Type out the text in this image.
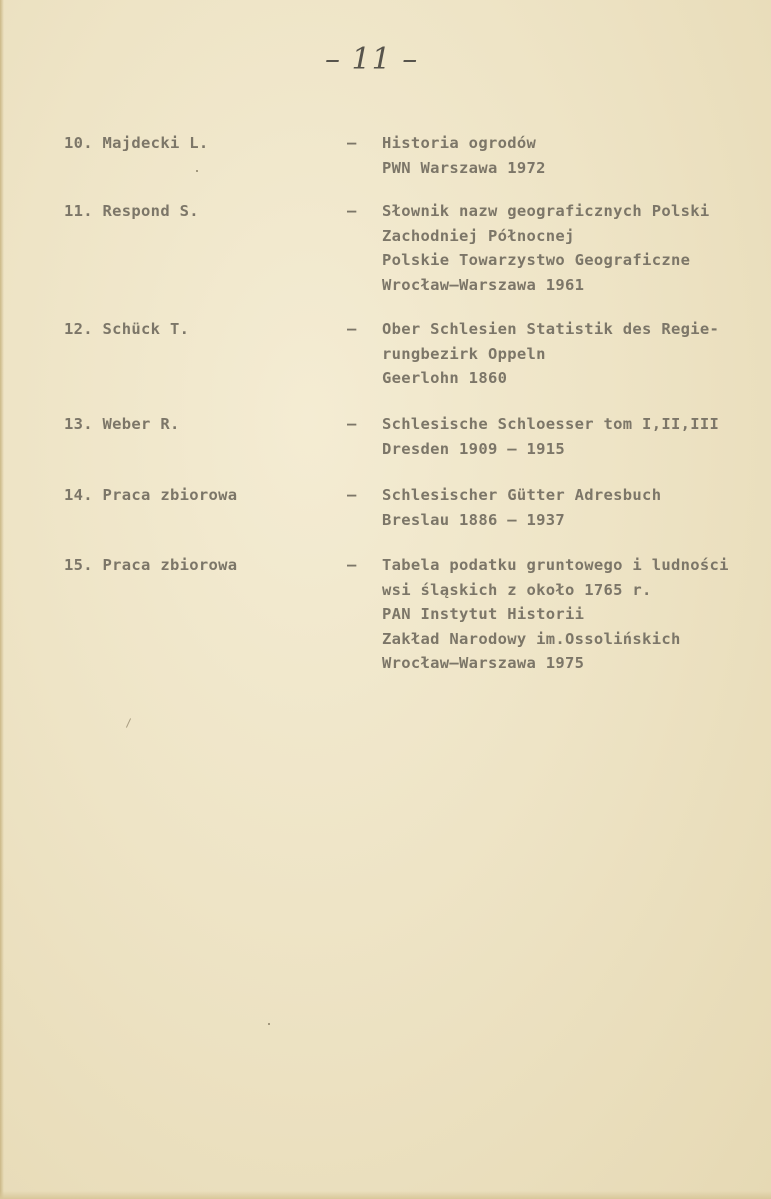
– 11 –
10. Majdecki L.	– Historia ogrodów
PWN Warszawa 1972
11. Respond S.	– Słownik nazw geograficznych Polski
Zachodniej Północnej
Polskie Towarzystwo Geograficzne
Wrocław–Warszawa 1961
12. Schück T.	– Ober Schlesien Statistik des Regie-
rungbezirk Oppeln
Geerlohn 1860
13. Weber R.	– Schlesische Schloesser tom I,II,III
Dresden 1909 – 1915
14. Praca zbiorowa	– Schlesischer Gütter Adresbuch
Breslau 1886 – 1937
15. Praca zbiorowa	– Tabela podatku gruntowego i ludności
wsi śląskich z około 1765 r.
PAN Instytut Historii
Zakład Narodowy im.Ossolińskich
Wrocław–Warszawa 1975
